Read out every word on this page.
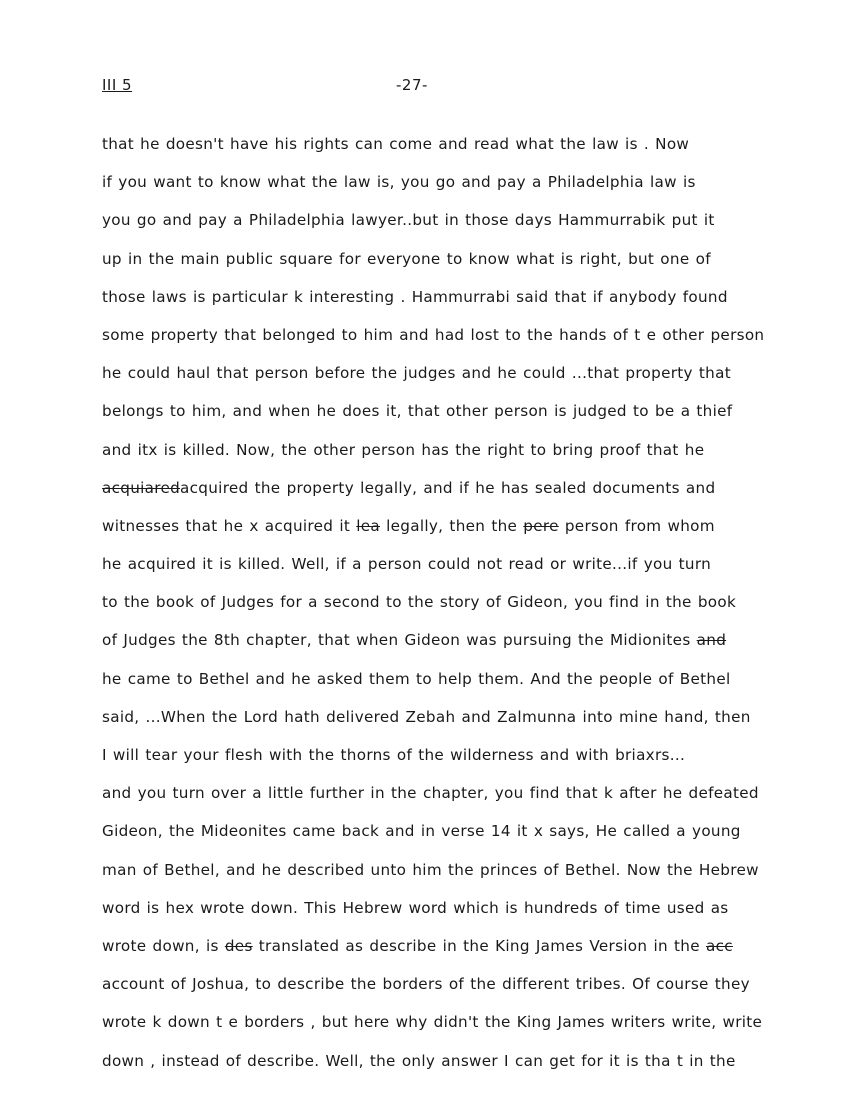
III 5	-27-
that he doesn't have his rights can come and read what the law is . Now
if you want to know what the law is, you go and pay a Philadelphia law is
you go and pay a Philadelphia lawyer..but in those days Hammurrabik put it
up in the main public square for everyone to know what is right, but one of
those laws is particular k interesting . Hammurrabi said that if anybody found
some property that belonged to him and had lost to the hands of t e other person
he could haul that person before the judges and he could ...that property that
belongs to him, and when he does it, that other person is judged to be a thief
and itx is killed. Now, the other person has the right to bring proof that he
acquiaredacquired the property legally, and if he has sealed documents and
witnesses that he x acquired it lea legally, then the pere person from whom
he acquired it is killed. Well, if a person could not read or write...if you turn
to the book of Judges for a second to the story of Gideon, you find in the book
of Judges the 8th chapter, that when Gideon was pursuing the Midionites and
he came to Bethel and he asked them to help them. And the people of Bethel
said, ...When the Lord hath delivered Zebah and Zalmunna into mine hand, then
I will tear your flesh with the thorns of the wilderness and with briaxrs...
and you turn over a little further in the chapter, you find that k after he defeated
Gideon, the Mideonites came back and in verse 14 it x says, He called a young
man of Bethel, and he described unto him the princes of Bethel. Now the Hebrew
word is hex wrote down. This Hebrew word which is hundreds of time used as
wrote down, is des translated as describe in the King James Version in the acc
account of Joshua, to describe the borders of the different tribes. Of course they
wrote k down t e borders , but here why didn't the King James writers write, write
down , instead of describe. Well, the only answer I can get for it is tha t in the
